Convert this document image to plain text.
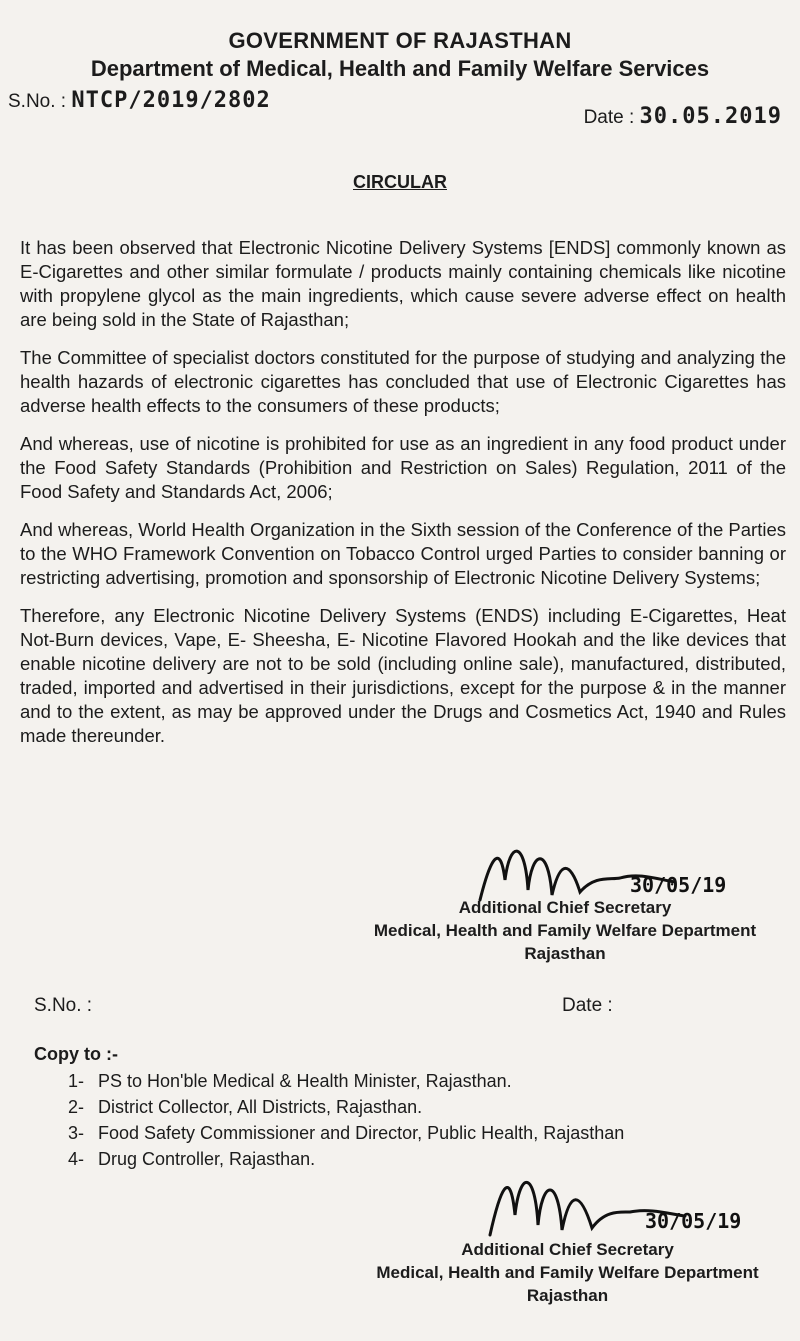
GOVERNMENT OF RAJASTHAN
Department of Medical, Health and Family Welfare Services
S.No. : NTCP/2019/2802
Date : 30.05.2019
CIRCULAR

It has been observed that Electronic Nicotine Delivery Systems [ENDS] commonly known as E-Cigarettes and other similar formulate / products mainly containing chemicals like nicotine with propylene glycol as the main ingredients, which cause severe adverse effect on health are being sold in the State of Rajasthan;

The Committee of specialist doctors constituted for the purpose of studying and analyzing the health hazards of electronic cigarettes has concluded that use of Electronic Cigarettes has adverse health effects to the consumers of these products;

And whereas, use of nicotine is prohibited for use as an ingredient in any food product under the Food Safety Standards (Prohibition and Restriction on Sales) Regulation, 2011 of the Food Safety and Standards Act, 2006;

And whereas, World Health Organization in the Sixth session of the Conference of the Parties to the WHO Framework Convention on Tobacco Control urged Parties to consider banning or restricting advertising, promotion and sponsorship of Electronic Nicotine Delivery Systems;

Therefore, any Electronic Nicotine Delivery Systems (ENDS) including E-Cigarettes, Heat Not-Burn devices, Vape, E- Sheesha, E- Nicotine Flavored Hookah and the like devices that enable nicotine delivery are not to be sold (including online sale), manufactured, distributed, traded, imported and advertised in their jurisdictions, except for the purpose & in the manner and to the extent, as may be approved under the Drugs and Cosmetics Act, 1940 and Rules made thereunder.

30/05/19
Additional Chief Secretary
Medical, Health and Family Welfare Department
Rajasthan
S.No. :	Date :
Copy to :-
1- PS to Hon'ble Medical & Health Minister, Rajasthan.
2- District Collector, All Districts, Rajasthan.
3- Food Safety Commissioner and Director, Public Health, Rajasthan
4- Drug Controller, Rajasthan.
30/05/19
Additional Chief Secretary
Medical, Health and Family Welfare Department
Rajasthan
